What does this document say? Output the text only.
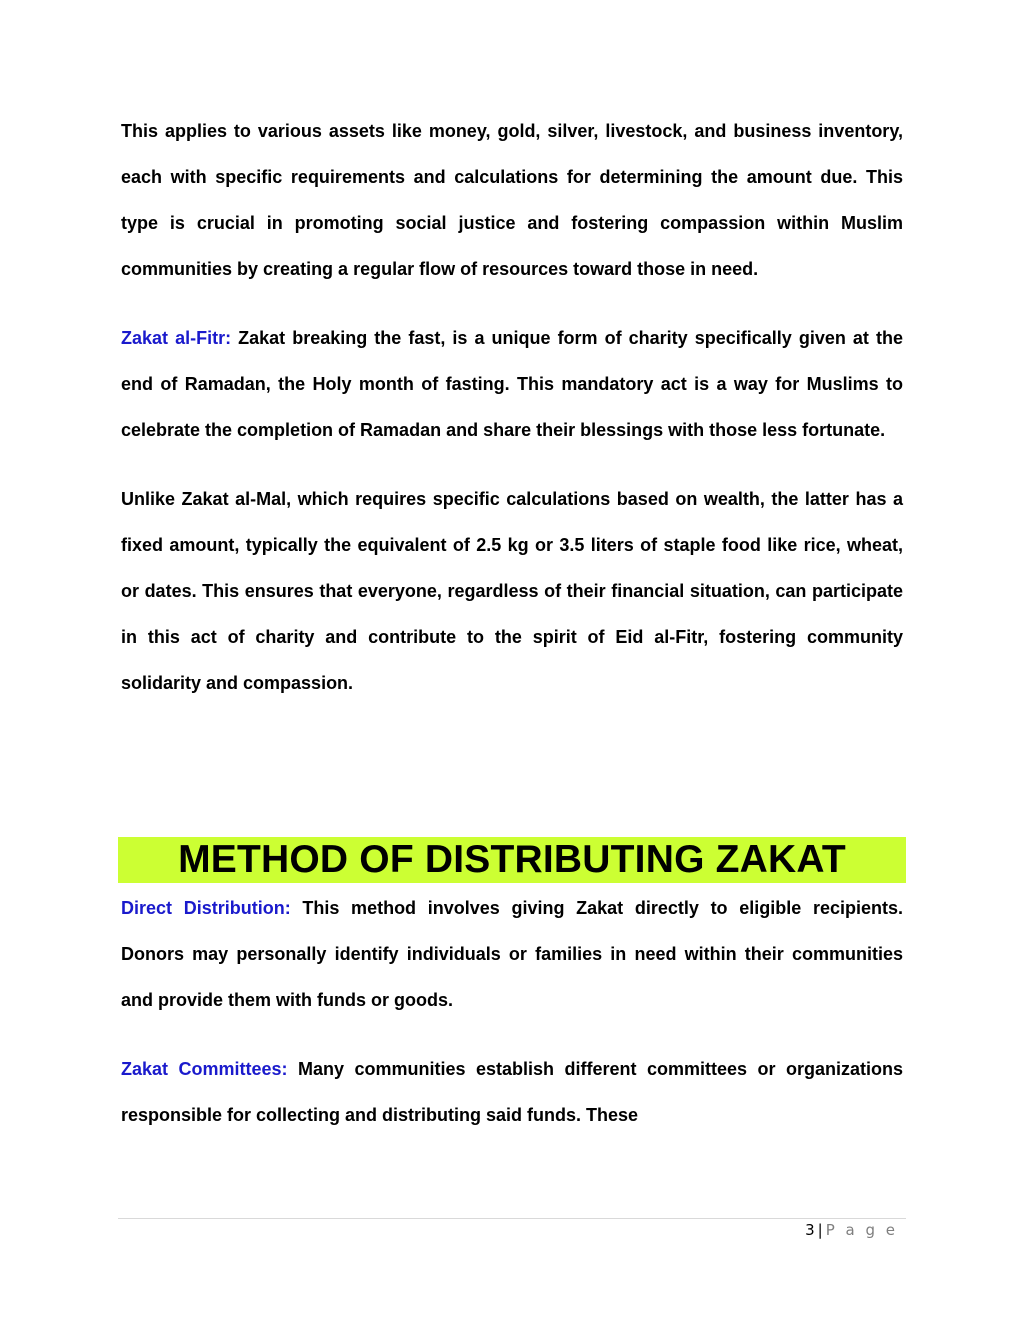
This applies to various assets like money, gold, silver, livestock, and business inventory, each with specific requirements and calculations for determining the amount due. This type is crucial in promoting social justice and fostering compassion within Muslim communities by creating a regular flow of resources toward those in need.

Zakat al-Fitr: Zakat breaking the fast, is a unique form of charity specifically given at the end of Ramadan, the Holy month of fasting. This mandatory act is a way for Muslims to celebrate the completion of Ramadan and share their blessings with those less fortunate.

Unlike Zakat al-Mal, which requires specific calculations based on wealth, the latter has a fixed amount, typically the equivalent of 2.5 kg or 3.5 liters of staple food like rice, wheat, or dates. This ensures that everyone, regardless of their financial situation, can participate in this act of charity and contribute to the spirit of Eid al-Fitr, fostering community solidarity and compassion.

METHOD OF DISTRIBUTING ZAKAT

Direct Distribution: This method involves giving Zakat directly to eligible recipients. Donors may personally identify individuals or families in need within their communities and provide them with funds or goods.

Zakat Committees: Many communities establish different committees or organizations responsible for collecting and distributing said funds. These

3 | P a g e
